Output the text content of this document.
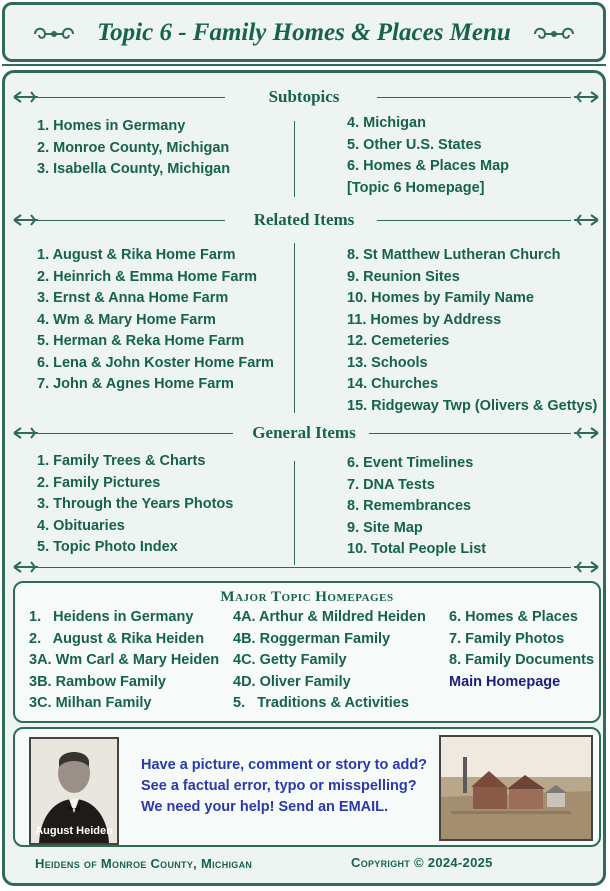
Topic 6 - Family Homes & Places Menu
Subtopics
1. Homes in Germany
2. Monroe County, Michigan
3. Isabella County, Michigan
4. Michigan
5. Other U.S. States
6. Homes & Places Map
[Topic 6 Homepage]
Related Items
1. August & Rika Home Farm
2. Heinrich & Emma Home Farm
3. Ernst & Anna Home Farm
4. Wm & Mary Home Farm
5. Herman & Reka Home Farm
6. Lena & John Koster Home Farm
7. John & Agnes Home Farm
8. St Matthew Lutheran Church
9. Reunion Sites
10. Homes by Family Name
11. Homes by Address
12. Cemeteries
13. Schools
14. Churches
15. Ridgeway Twp (Olivers & Gettys)
General Items
1. Family Trees & Charts
2. Family Pictures
3. Through the Years Photos
4. Obituaries
5. Topic Photo Index
6. Event Timelines
7. DNA Tests
8. Remembrances
9. Site Map
10. Total People List
Major Topic Homepages
1.   Heidens in Germany
2.   August & Rika Heiden
3A. Wm Carl & Mary Heiden
3B. Rambow Family
3C. Milhan Family
4A. Arthur & Mildred Heiden
4B. Roggerman Family
4C. Getty Family
4D. Oliver Family
5.   Traditions & Activities
6. Homes & Places
7. Family Photos
8. Family Documents
Main Homepage
August Heiden
Have a picture, comment or story to add?
See a factual error, typo or misspelling?
We need your help! Send an EMAIL.
Heidens of Monroe County, Michigan	Copyright © 2024-2025
